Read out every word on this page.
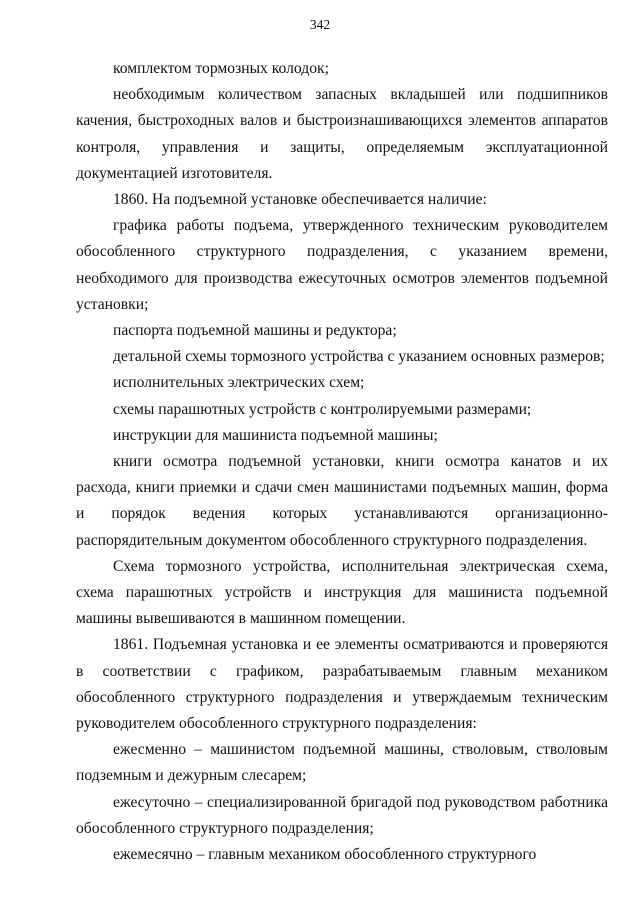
342

комплектом тормозных колодок;

необходимым количеством запасных вкладышей или подшипников качения, быстроходных валов и быстроизнашивающихся элементов аппаратов контроля, управления и защиты, определяемым эксплуатационной документацией изготовителя.

1860. На подъемной установке обеспечивается наличие:

графика работы подъема, утвержденного техническим руководителем обособленного структурного подразделения, с указанием времени, необходимого для производства ежесуточных осмотров элементов подъемной установки;

паспорта подъемной машины и редуктора;

детальной схемы тормозного устройства с указанием основных размеров;

исполнительных электрических схем;

схемы парашютных устройств с контролируемыми размерами;

инструкции для машиниста подъемной машины;

книги осмотра подъемной установки, книги осмотра канатов и их расхода, книги приемки и сдачи смен машинистами подъемных машин, форма и порядок ведения которых устанавливаются организационно-распорядительным документом обособленного структурного подразделения.

Схема тормозного устройства, исполнительная электрическая схема, схема парашютных устройств и инструкция для машиниста подъемной машины вывешиваются в машинном помещении.

1861. Подъемная установка и ее элементы осматриваются и проверяются в соответствии с графиком, разрабатываемым главным механиком обособленного структурного подразделения и утверждаемым техническим руководителем обособленного структурного подразделения:

ежесменно – машинистом подъемной машины, стволовым, стволовым подземным и дежурным слесарем;

ежесуточно – специализированной бригадой под руководством работника обособленного структурного подразделения;

ежемесячно – главным механиком обособленного структурного
